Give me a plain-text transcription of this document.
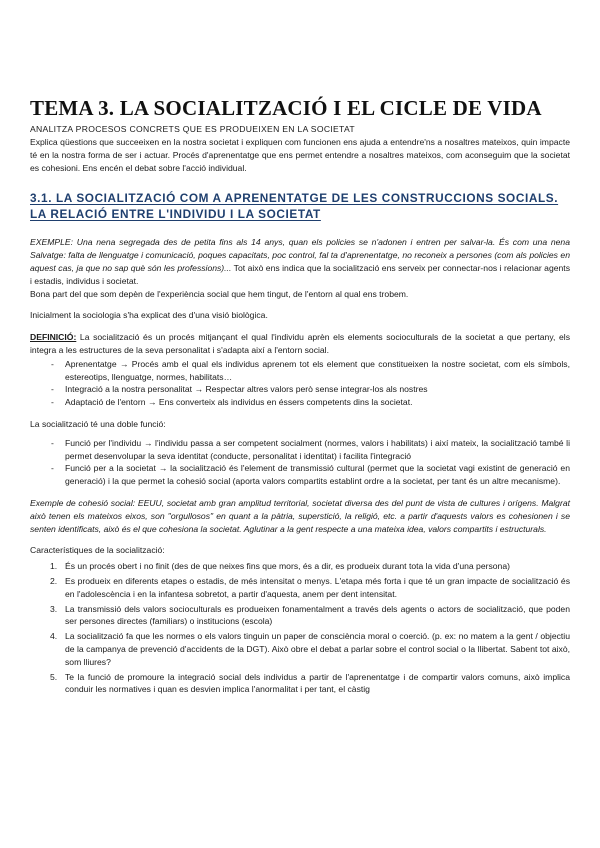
TEMA 3. LA SOCIALITZACIÓ I EL CICLE DE VIDA
ANALITZA PROCESOS CONCRETS QUE ES PRODUEIXEN EN LA SOCIETAT

Explica qüestions que succeeixen en la nostra societat i expliquen com funcionen ens ajuda a entendre'ns a nosaltres mateixos, quin impacte té en la nostra forma de ser i actuar. Procés d'aprenentatge que ens permet entendre a nosaltres mateixos, com aconseguim que la societat es cohesioni. Ens encén el debat sobre l'acció individual.

3.1. LA SOCIALITZACIÓ COM A APRENENTATGE DE LES CONSTRUCCIONS SOCIALS. LA RELACIÓ ENTRE L'INDIVIDU I LA SOCIETAT

EXEMPLE: Una nena segregada des de petita fins als 14 anys, quan els policies se n'adonen i entren per salvar-la. És com una nena Salvatge: falta de llenguatge i comunicació, poques capacitats, poc control, fal ta d'aprenentatge, no reconeix a persones (com als policies en aquest cas, ja que no sap què són les professions)... Tot això ens indica que la socialització ens serveix per connectar-nos i relacionar agents i estadis, individus i societat.

Bona part del que som depèn de l'experiència social que hem tingut, de l'entorn al qual ens trobem.

Inicialment la sociologia s'ha explicat des d'una visió biològica.

DEFINICIÓ: La socialització és un procés mitjançant el qual l'individu aprèn els elements socioculturals de la societat a que pertany, els integra a les estructures de la seva personalitat i s'adapta així a l'entorn social.

- Aprenentatge → Procés amb el qual els individus aprenem tot els element que constitueixen la nostre societat, com els símbols, estereotips, llenguatge, normes, habilitats…
- Integració a la nostra personalitat → Respectar altres valors però sense integrar-los als nostres
- Adaptació de l'entorn → Ens converteix als individus en éssers competents dins la societat.

La socialització té una doble funció:

- Funció per l'individu → l'individu passa a ser competent socialment (normes, valors i habilitats) i així mateix, la socialització també li permet desenvolupar la seva identitat (conducte, personalitat i identitat) i facilita l'integració
- Funció per a la societat → la socialització és l'element de transmissió cultural (permet que la societat vagi existint de generació en generació) i la que permet la cohesió social (aporta valors compartits establint ordre a la societat, per tant és un altre mecanisme).

Exemple de cohesió social: EEUU, societat amb gran amplitud territorial, societat diversa des del punt de vista de cultures i orígens. Malgrat això tenen els mateixos eixos, son "orgullosos" en quant a la pàtria, superstició, la religió, etc. a partir d'aquests valors es cohesionen i se senten identificats, això és el que cohesiona la societat. Aglutinar a la gent respecte a una mateixa idea, valors compartits i estructurals.

Característiques de la socialització:

1. És un procés obert i no finit (des de que neixes fins que mors, és a dir, es produeix durant tota la vida d'una persona)
2. Es produeix en diferents etapes o estadis, de més intensitat o menys. L'etapa més forta i que té un gran impacte de socialització és en l'adolescència i en la infantesa sobretot, a partir d'aquesta, anem per dent intensitat.
3. La transmissió dels valors socioculturals es produeixen fonamentalment a través dels agents o actors de socialització, que poden ser persones directes (familiars) o institucions (escola)
4. La socialització fa que les normes o els valors tinguin un paper de consciència moral o coerció. (p. ex: no matem a la gent / objectiu de la campanya de prevenció d'accidents de la DGT). Això obre el debat a parlar sobre el control social o la llibertat. Sabent tot això, som lliures?
5. Te la funció de promoure la integració social dels individus a partir de l'aprenentatge i de compartir valors comuns, això implica conduir les normatives i quan es desvien implica l'anormalitat i per tant, el càstig
